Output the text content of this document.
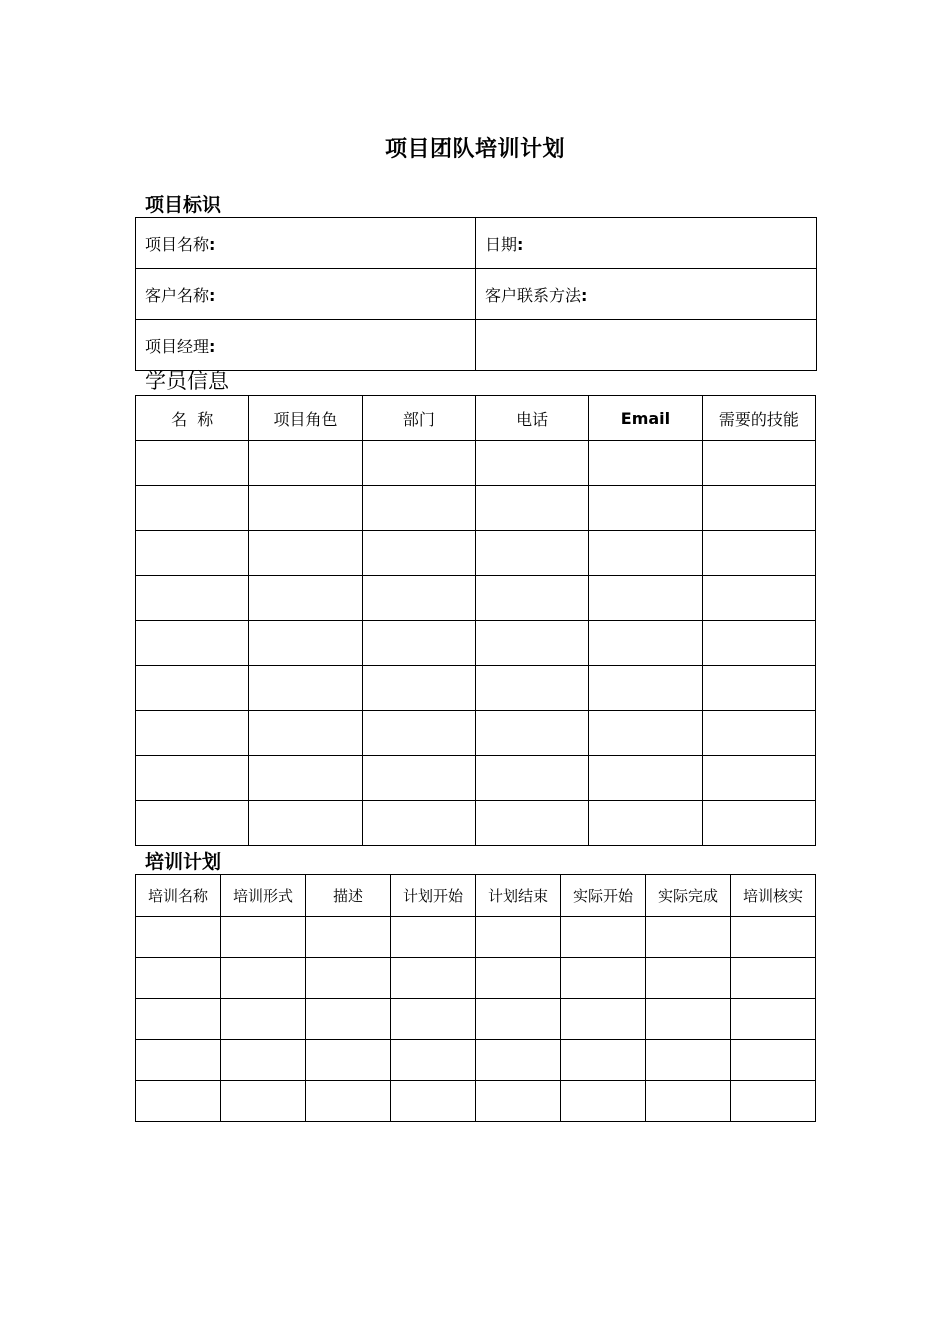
项目团队培训计划
项目标识
项目名称:	日期:
客户名称:	客户联系方法:
项目经理:	
学员信息
名  称	项目角色	部门	电话	Email	需要的技能

培训计划
培训名称	培训形式	描述	计划开始	计划结束	实际开始	实际完成	培训核实
